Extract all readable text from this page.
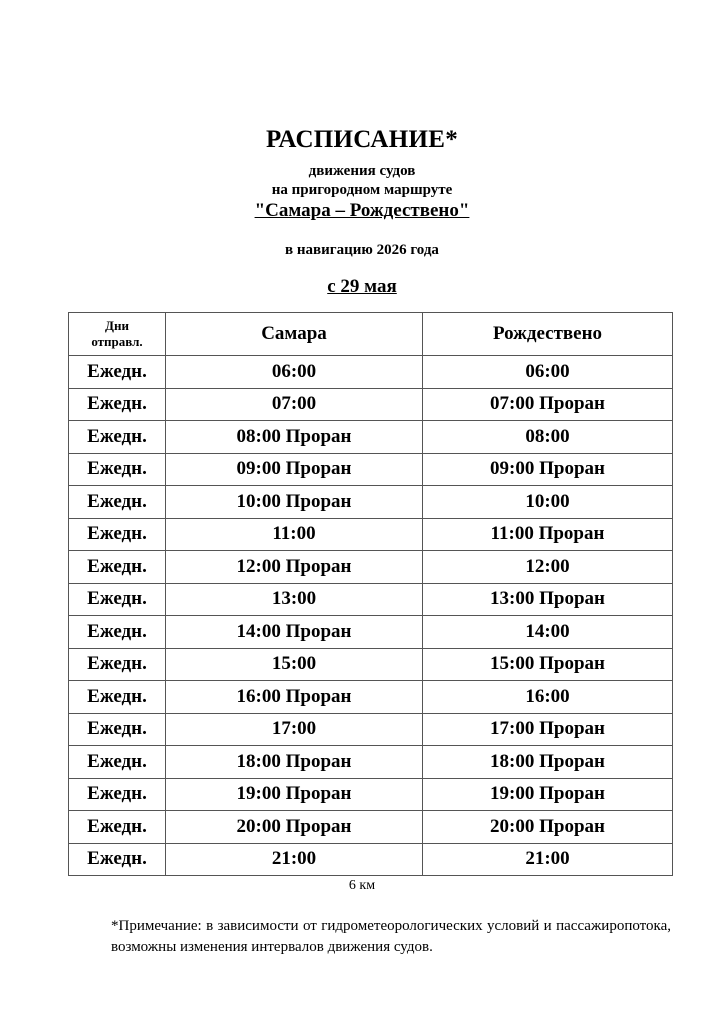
РАСПИСАНИЕ*
движения судов
на пригородном маршруте
"Самара – Рождествено"
в навигацию 2026 года
с 29 мая
Дни
отправл.	Самара	Рождествено
Ежедн.	06:00	06:00
Ежедн.	07:00	07:00 Проран
Ежедн.	08:00 Проран	08:00
Ежедн.	09:00 Проран	09:00 Проран
Ежедн.	10:00 Проран	10:00
Ежедн.	11:00	11:00 Проран
Ежедн.	12:00 Проран	12:00
Ежедн.	13:00	13:00 Проран
Ежедн.	14:00 Проран	14:00
Ежедн.	15:00	15:00 Проран
Ежедн.	16:00 Проран	16:00
Ежедн.	17:00	17:00 Проран
Ежедн.	18:00 Проран	18:00 Проран
Ежедн.	19:00 Проран	19:00 Проран
Ежедн.	20:00 Проран	20:00 Проран
Ежедн.	21:00	21:00
6 км
*Примечание: в зависимости от гидрометеорологических условий и пассажиропотока, возможны изменения интервалов движения судов.
